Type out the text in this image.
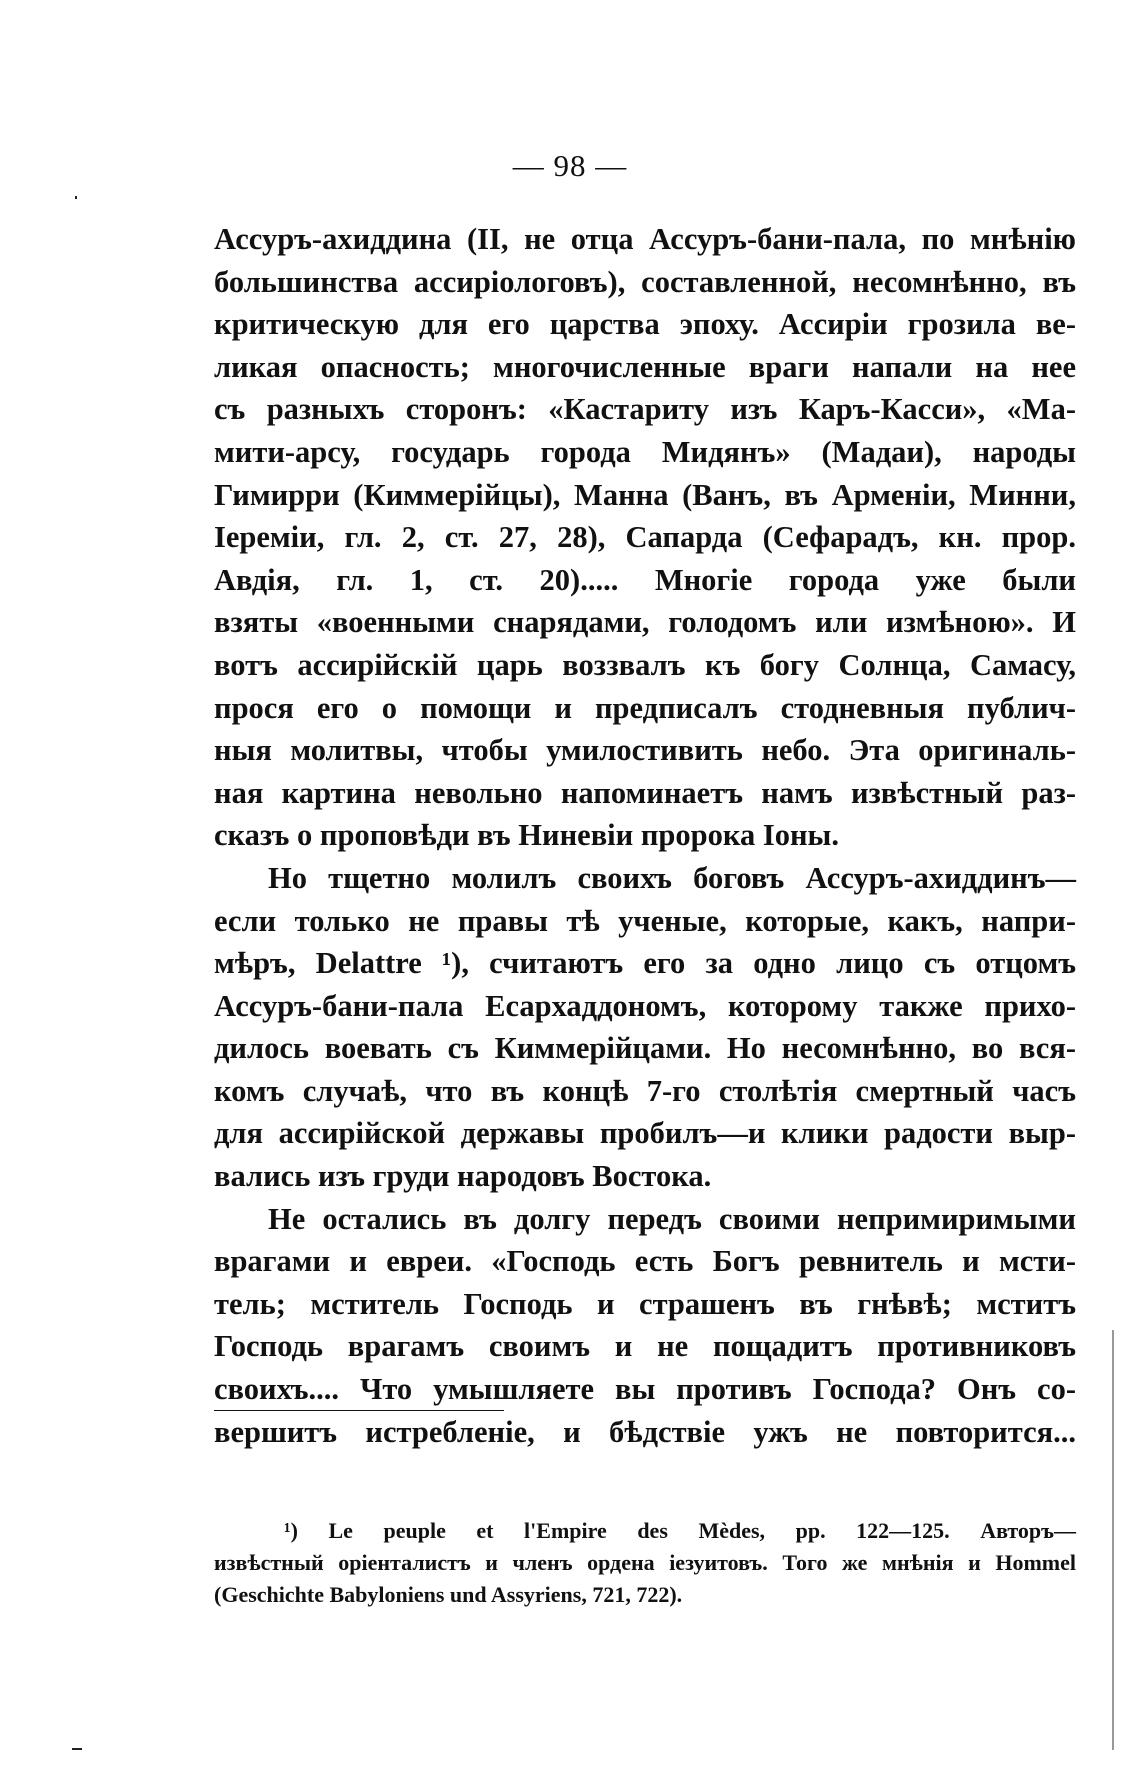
— 98 —

Ассуръ-ахиддина (II, не отца Ассуръ-бани-пала, по мнѣнію
большинства ассиріологовъ), составленной, несомнѣнно, въ
критическую для его царства эпоху. Ассиріи грозила ве-
ликая опасность; многочисленные враги напали на нее
съ разныхъ сторонъ: «Кастариту изъ Каръ-Касси», «Ма-
мити-арсу, государь города Мидянъ» (Мадаи), народы
Гимирри (Киммерійцы), Манна (Ванъ, въ Арменіи, Минни,
Іереміи, гл. 2, ст. 27, 28), Сапарда (Сефарадъ, кн. прор.
Авдія, гл. 1, ст. 20)..... Многіе города уже были
взяты «военными снарядами, голодомъ или измѣною». И
вотъ ассирійскій царь воззвалъ къ богу Солнца, Самасу,
прося его о помощи и предписалъ стодневныя публич-
ныя молитвы, чтобы умилостивить небо. Эта оригиналь-
ная картина невольно напоминаетъ намъ извѣстный раз-
сказъ о проповѣди въ Ниневіи пророка Іоны.

Но тщетно молилъ своихъ боговъ Ассуръ-ахиддинъ—
если только не правы тѣ ученые, которые, какъ, напри-
мѣръ, Delattre ¹), считаютъ его за одно лицо съ отцомъ
Ассуръ-бани-пала Есархаддономъ, которому также прихо-
дилось воевать съ Киммерійцами. Но несомнѣнно, во вся-
комъ случаѣ, что въ концѣ 7-го столѣтія смертный часъ
для ассирійской державы пробилъ—и клики радости выр-
вались изъ груди народовъ Востока.

Не остались въ долгу передъ своими непримиримыми
врагами и евреи. «Господь есть Богъ ревнитель и мсти-
тель; мститель Господь и страшенъ въ гнѣвѣ; мститъ
Господь врагамъ своимъ и не пощадитъ противниковъ
своихъ.... Что умышляете вы противъ Господа? Онъ со-
вершитъ истребленіе, и бѣдствіе ужъ не повторится...

¹) Le peuple et l'Empire des Mèdes, pp. 122—125. Авторъ—
извѣстный оріенталистъ и членъ ордена іезуитовъ. Того же мнѣнія и Hommel
(Geschichte Babyloniens und Assyriens, 721, 722).
